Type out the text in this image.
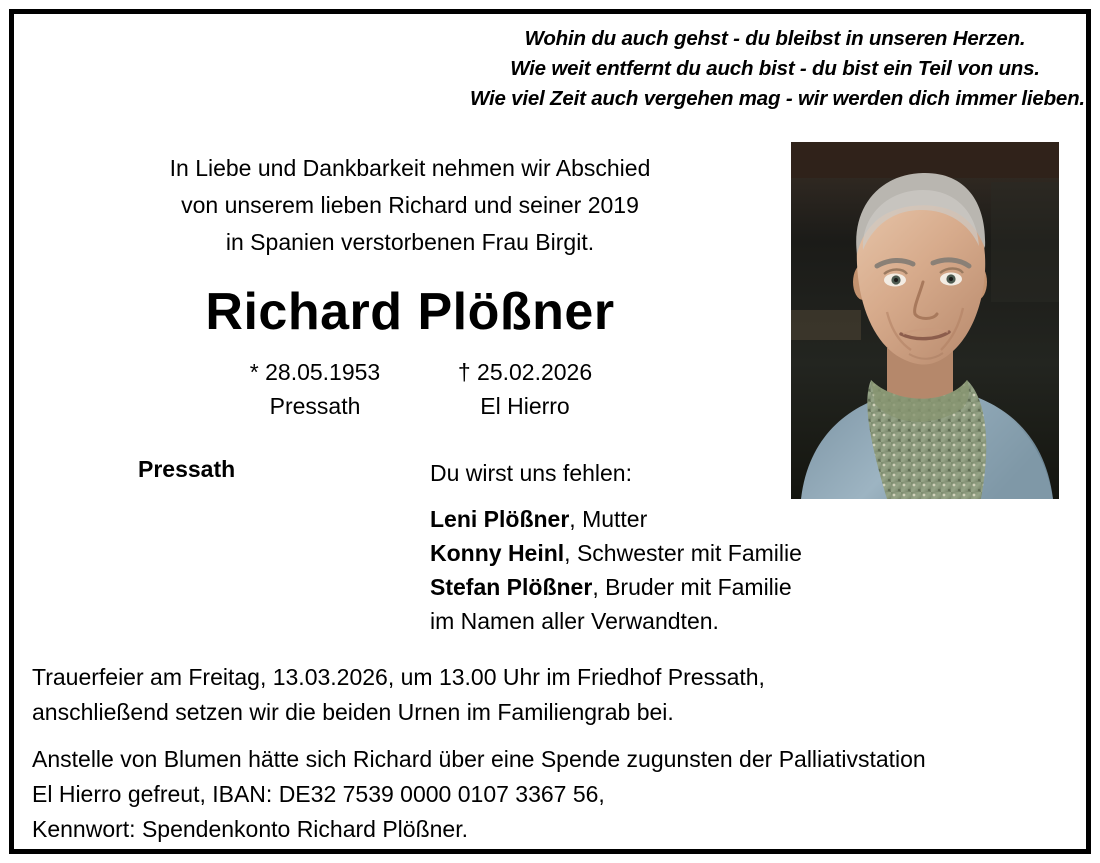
Wohin du auch gehst - du bleibst in unseren Herzen.
Wie weit entfernt du auch bist - du bist ein Teil von uns.
Wie viel Zeit auch vergehen mag - wir werden dich immer lieben.
In Liebe und Dankbarkeit nehmen wir Abschied
von unserem lieben Richard und seiner 2019
in Spanien verstorbenen Frau Birgit.
Richard Plößner
* 28.05.1953	† 25.02.2026
Pressath	El Hierro
Pressath	Du wirst uns fehlen:
Leni Plößner, Mutter
Konny Heinl, Schwester mit Familie
Stefan Plößner, Bruder mit Familie
im Namen aller Verwandten.

Trauerfeier am Freitag, 13.03.2026, um 13.00 Uhr im Friedhof Pressath,

anschließend setzen wir die beiden Urnen im Familiengrab bei.

Anstelle von Blumen hätte sich Richard über eine Spende zugunsten der Palliativstation

El Hierro gefreut, IBAN: DE32 7539 0000 0107 3367 56,

Kennwort: Spendenkonto Richard Plößner.
